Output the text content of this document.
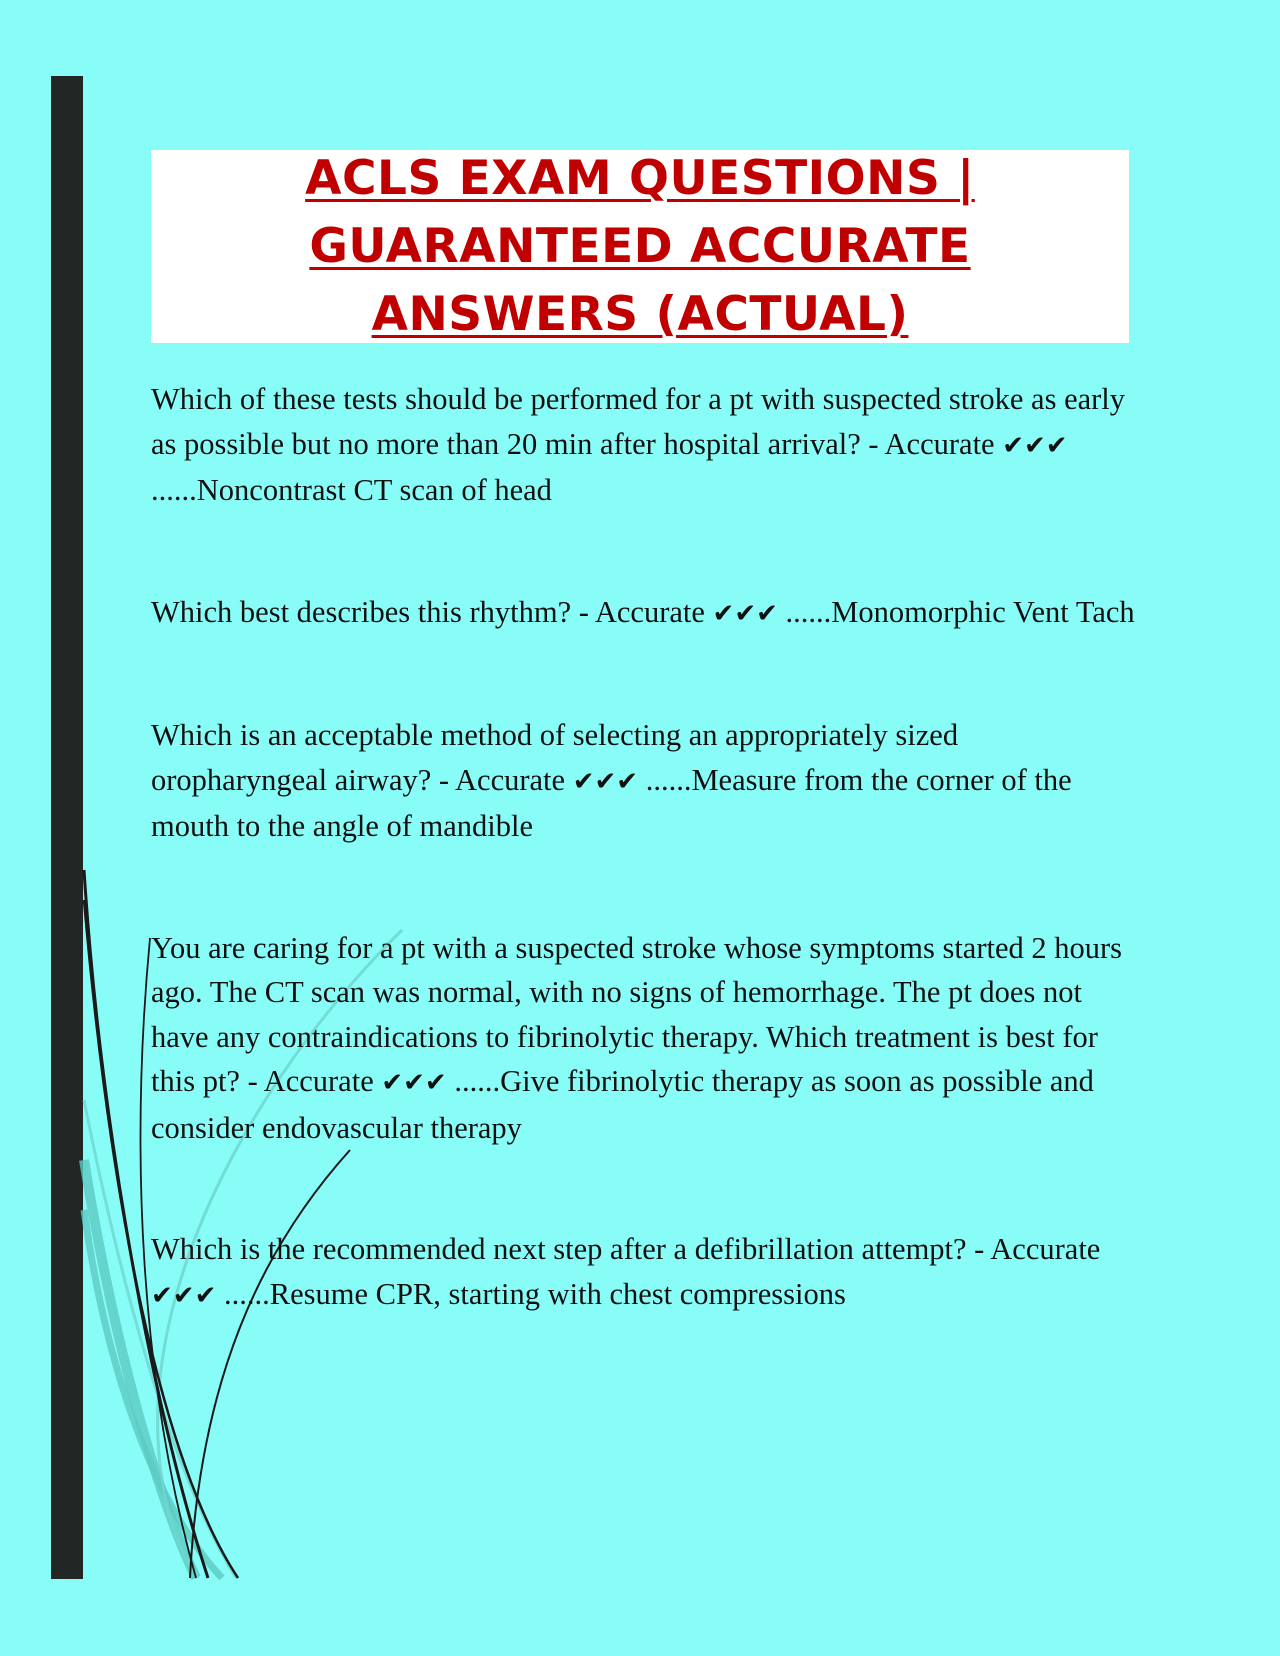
ACLS EXAM QUESTIONS | GUARANTEED ACCURATE ANSWERS (ACTUAL)

Which of these tests should be performed for a pt with suspected stroke as early as possible but no more than 20 min after hospital arrival? - Accurate ✔✔✔ ......Noncontrast CT scan of head

Which best describes this rhythm? - Accurate ✔✔✔ ......Monomorphic Vent Tach

Which is an acceptable method of selecting an appropriately sized oropharyngeal airway? - Accurate ✔✔✔ ......Measure from the corner of the mouth to the angle of mandible

You are caring for a pt with a suspected stroke whose symptoms started 2 hours ago. The CT scan was normal, with no signs of hemorrhage. The pt does not have any contraindications to fibrinolytic therapy. Which treatment is best for this pt? - Accurate ✔✔✔ ......Give fibrinolytic therapy as soon as possible and consider endovascular therapy

Which is the recommended next step after a defibrillation attempt? - Accurate ✔✔✔ ......Resume CPR, starting with chest compressions
